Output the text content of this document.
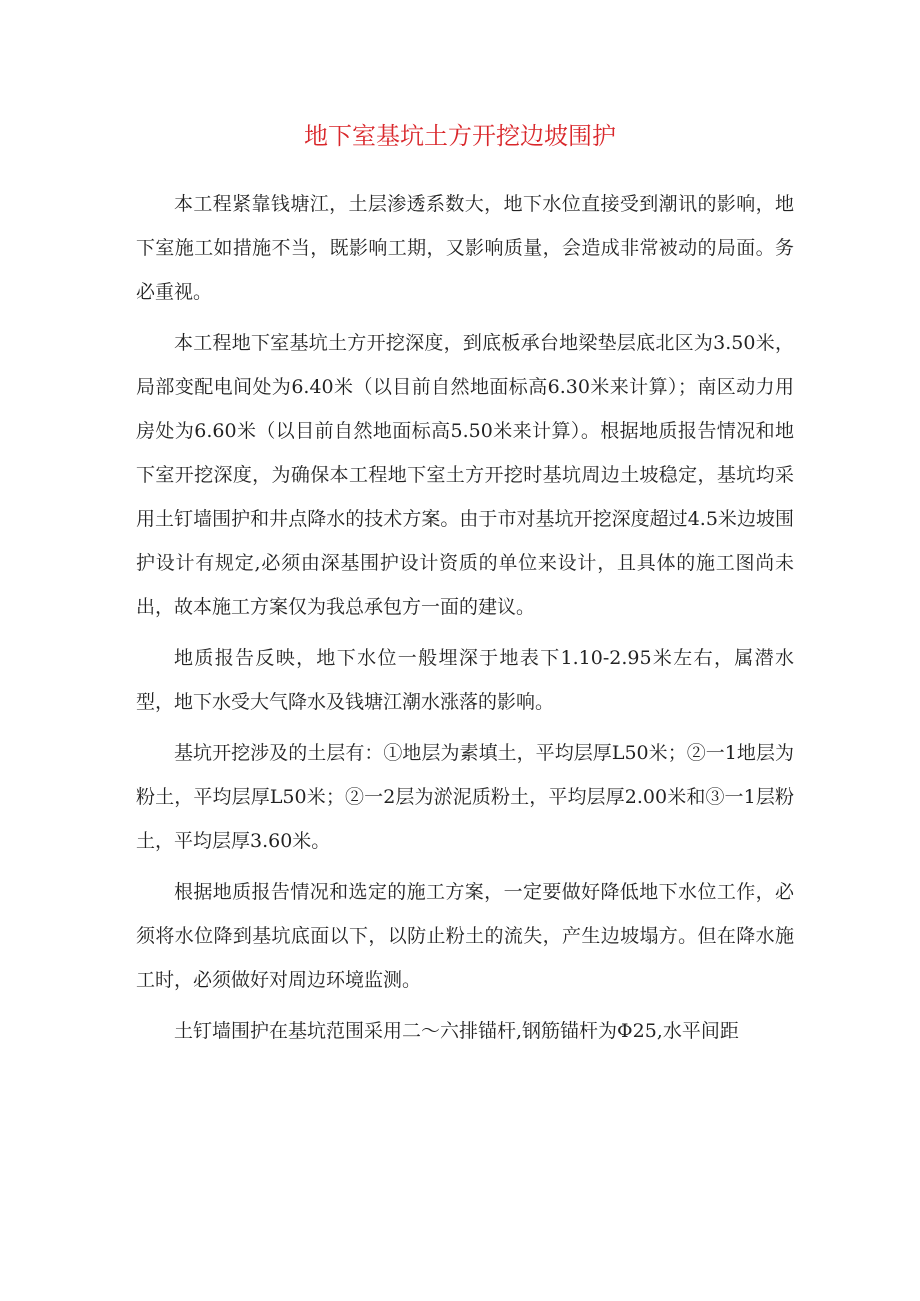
地下室基坑土方开挖边坡围护

本工程紧靠钱塘江，土层渗透系数大，地下水位直接受到潮讯的影响，地下室施工如措施不当，既影响工期，又影响质量，会造成非常被动的局面。务必重视。

本工程地下室基坑土方开挖深度，到底板承台地梁垫层底北区为3.50米，局部变配电间处为6.40米（以目前自然地面标高6.30米来计算）；南区动力用房处为6.60米（以目前自然地面标高5.50米来计算）。根据地质报告情况和地下室开挖深度，为确保本工程地下室土方开挖时基坑周边土坡稳定，基坑均采用土钉墙围护和井点降水的技术方案。由于市对基坑开挖深度超过4.5米边坡围护设计有规定,必须由深基围护设计资质的单位来设计，且具体的施工图尚未出，故本施工方案仅为我总承包方一面的建议。

地质报告反映，地下水位一般埋深于地表下1.10-2.95米左右，属潜水型，地下水受大气降水及钱塘江潮水涨落的影响。

基坑开挖涉及的土层有：①地层为素填土，平均层厚L50米；②一1地层为粉土，平均层厚L50米；②一2层为淤泥质粉土，平均层厚2.00米和③一1层粉土，平均层厚3.60米。

根据地质报告情况和选定的施工方案，一定要做好降低地下水位工作，必须将水位降到基坑底面以下，以防止粉土的流失，产生边坡塌方。但在降水施工时，必须做好对周边环境监测。

土钉墙围护在基坑范围采用二～六排锚杆,钢筋锚杆为Φ25,水平间距
